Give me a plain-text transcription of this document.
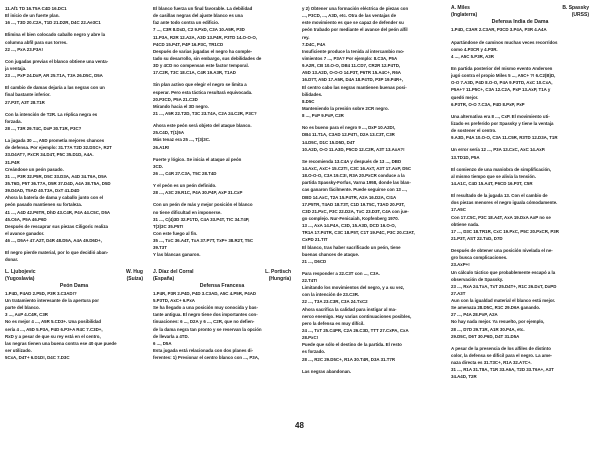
11.Af1 TD 16.T5A C4D 16.DC1
El inicio de un fuerte plan.
16 ..., T3D 20.C2A, T1D 21.D2R, D4C 22.Ae3C1
Elimina el bien colocado caballo negro y abre la
columna abfil para sus torres.
22 ..., PxA 23.P3A!
Con jugadas previas el blanco obtiene una venta-
ja ventaja.
23 ..., PxP 24.DxP, AR 25.T1A, T3A 26.D5C, D5A
El cambio de damas dejaría a las negras con un
final bastante inferior.
27.P3T, A3T 28.T1R
Con la intención de T2R. La réplica negra es
forzada.
28 ..., T3R 29.T4C, DxP 30.T1R, P3C?
La jugada 30 ..., A5D prometía mejores chances
de defensa. Por ejemplo: 31.T7A T2D 32.DSC+, R2T
33.D4AT?, PxCR 34.D4T, P5C 35.D1D, A4A.
31.P4R
Creándose un peón pasado.
31 ..., P3R 32.P5R, D5C 33.D3A, A4D 34.T6A, D5A
35.T6D, P5T 36.T7A, D5R 37.D4D, A4A 38.T5A, D5D
39.D4AD, T5AD 40.T3A, DxT 41.D4D
Ahora la batería de dama y caballo junto con el
peón pasado mantienen su fortaleza.
41 ..., A4D 42.P6TR, DhD 43.C4R, P4A 44.C5C, D5A
45.C6A, P5A 46.P6D
Después de rescaprar sus piezas Ciligoric realiza
el avance ganador.
46 ..., D5A+ 47.A2T, D4R 48.D5A, A4A 49.D6D+,
El negro pierde material, por lo que decidió aban-
donar.
L. Ljubojevic	W. Hug
(Yugoslavia)	(Suiza)
Peón Dama
1.P4D, P4AD 2.P5D, P3R 3.C3AD!?
Un tratamiento interesante de la apertura por
parte del blanco.
3 ..., AxP 4.C4R, C3R
No es mejor 4 ..., A5R 5.CD3+. Una posibilidad
sería 4 ..., A5D 5.P3A, P4D 6.P3+A R4C 7.C3D+,
RxD y a pesar de que su rey está en el centro,
las negras tienen una buena contra ese 40 que puede
ser utilizado.
5CxA, D4T+ 6.D1D!, D4C 7.D3C
El blanco fuerza un final favorable. La debilidad
de casillas negras del ajuste blanco es una
faz ante todo contra un edificio.
7 ..., C3R 8.DxD, C2 9.PxD, C3A 10.A5R, P3D
11.P3A, R2R 12.A2A, A3D 13.P4R, P3TD 14.O-O-O,
P4CD 15.P4T, P4P 16.P3C, TR1CD
Después de varias jugadas el negro ha comple-
tado su desarrollo, sin embargo, sus debilidades de
3D y 4CD no compensan este factor temporal.
17.C2R, T3C 18.C1A, C4R 19.A3R, T1AD
Sin plan activo que elegir el negro se limita a
esperar. Pero esta táctica resultará equivocada.
20.P3CD, P5A 21.C3D
Mirando hacia el 3D negro.
21 ..., A5R 22.T2D, T3C 23.T4A, C2A 24.C2R, P3C?
Ahora este peón será objeto del ataque blanco.
25.C4D, T(1)5A
Más tenaz era 25 ..., T(3)3C.
26.A1R!
Fuerte y lógico. Se inicia el ataque al peón
3CD.
26 ..., C4R 27.C3A, T5C 28.T4D
Y el peón es un peón definido.
28 ..., A3C 29.R1C, P4A 30.P4P, AxP 31.CxP
Con un peón de más y mejor posición el blanco
no tiene dificultad en imponerse.
31 ..., C(4)3D 32.P1TD, C4A 33.P4T, TIC 34.T4P,
T(3)3C 35.P5T!
Con este fuego al fin.
35 ..., TxC 36.A4T, TxA 37.P7T, TxP+ 38.R2T, T5C
39.T3T
Y las blancas ganaron.
J. Díaz del Corral	L. Portisch
(España)	(Hungría)
Defensa Francesa
1.P4R, P3R 2.P4D, P4D 3.C3AD, A5C 4.P5R, P4AD
5.P3TD, AxC+ 6.PxA
Se ha llegado a una posición muy conocida y bas-
tante antigua. El negro tiene dos importantes con-
tinuaciones: 6 ..., D2A y 6 ..., C2R, que no defien-
de la dama negra tan pronto y se reservan la opción
de llevarla a 4TD.
6 ..., D5A
Esta jugada está relacionada con dos planes di-
ferentes: 1) Presionar el centro blanco con ..., P3A,
y 2) Obtener una formación eléctrica de piezas con
..., P3CD, ..., A3D, etc. Otra de las ventajas de
este movimiento es que se capaz de defender su
peón trabado por mediante el avance del peón alfil
rey.
7.D4C, P4A
Insuficiente produce la tenida al intercambio mo-
vimientos 7 ..., P3A? Por ejemplo: 8.C3A, P5A
9.A2R, CB 10.O-O, DB4 11.CD7, CR2R 12.P4TD,
A5D 13.A2D, O-O-O 14.P3T, P6TR 15.A4C+, R6A
16.D7T, A5D 17.A5R, D4A 18.P4TD, P3P 19.P4R+,
El centro cabo las negras mantienen buenas posi-
bilidades.
8.D5C
Manteniendo la presión sobre 2CR negro.
8 ..., PxP 9.PxP, C2R
No es bueno para el negro 9 ..., DxP 10.A2D!,
DB4 11.T1A, C3AD 12.P4T!, D2A 13.C3T, C3R
14.D5C, D1C 15.D5D, D4T
10.A2D, O-O 11.A3D, P5CD 12.C2R, A3T 13.AxA?!
Se recomienda 13.C4A y después de 13 ..., DBD
14.AxC, AxC+ 15.C2T!, C3C 16.AxT, A3T 17.AxP, D5C
18.O-O-O, C3A 19.C3!, R3A 20.PxCR conduce a la
partida Spassky-Forfus, Varna 1958, donde las blan-
cas ganaron fácilmente. Puede seguirse con 13 ...,
DBD 14.AxC, T2A 15.P4TR, A2A 16.D2A, CI1A
17.P5TR, T4AD 18.T3T, C1D 19.T5C, T3AD 20.P3T,
C3D 21.PxC, P3C 22.D2A, TxC 23.D3T, C4A con jue-
go complejo. Nur-Fenicaiah, Kopfenberg 1970.
13 ..., AxA 14.P4A, C3D, 15.A3D, DCD 16.O-O,
TR1A 17.P4TR, C3C 18.P5T, C1T 19.P4C, P3C 20.C3AT,
CxPD 21.TIT
El blanco, tras haber sacrificado un peón, tiene
buenas chances de ataque.
21 ..., D6CD
Para responder a 22.C3T con ..., C3A.
22.T4T!
Limitando los movimientos del negro, y a su vez,
con la intención de 23.C3R.
22 ..., T3A 23.C3R, C3A 24.TxC2
Ahora sacrifica la calidad para instigar al ma-
nerco enemigo. Hay varias continuaciones posibles,
pero la defensa es muy difícil.
24 ..., TxT 25.C4PR, C2A 26.C3D, TTT 27.CxPA, CxA
28.PxC!
Puede que sólo el destino de la partida. El resto
es forzado.
28 ..., R2C 29.D5C+, R1A 30.T4R, D3A 31.T7R
Las negras abandonan.
A. Miles	B. Spassky
(Inglaterra)	(URSS)
Defensa India de Dama
1.P4D, C3AR 2.C3AR, P3CD 3.P4A, P3R 4.A4A
Apartándose de caminos muchas veces recorridos
como 4.P3CR y 4.P3R.
4 ..., A5C 5.P3R, A3R
En partida posterior del mismo evento Andersen
jugó contra el propio Miles 5 ..., A5C+ ?! 6.C2(B)D,
O-O 7.A3D, P4D 8.O-O, P4A 9.P3TD, AxC 10.CxA,
P5A+? 11.P5C+, C3A 12.C2A, PxP 13.AxP, T1A y
quedó mejor.
6.P3TR, O-O 7.C3A, P4D 8.PxP, PxP
Una alternativa era 8 ..., CxP. El movimiento uti-
lizado es preferido por Spassky y tiene la ventaja
de sostener el centro.
9.A3D, P4A 10.O-O, C3A 11.C5R, R3TD 12.D3A, T1R
Un error sería 12 ..., P3A 13.CxC, AxC 14.AxP.
13.TD1D, P5A
El comienzo de una maniobra de simplificación,
al mismo tiempo que se alivia la tensión.
14.A1C, C4D 15.A4T, P6CD 16.P3T, C5R
El resultado de la jugada 13. Con el cambio de
dos piezas menores el negro iguala cómodamente.
17.A5C
Con 17.C5C, P3C 18.A4T, AxA 19.DxA AxP no se
obtiene nada.
17 ..., D3C 18.TR1R, CxC 19.PxC, P5C 20.PxCR, P3R
21.P3T, AST 22.TxD, D7D
Después de obtener una posición nivelada el ne-
gro busca complicaciones.
23.AxP+!
Un cálculo táctico que probablemente escapó a la
observación de Spassky.
23 ..., RxA 24.TxA, TxT 25.D4T+, R1C 26.DxT, DxPD
27.A3T
Aun con la igualdad material el blanco está mejor.
Se amenaza 28.D5C, R1C 29.D6A ganando.
27 ..., P4A 28.PxP, A2A
No hay nada mejor. Ya resuelto, por ejemplo,
28 ..., D7D 29.T1R, A1R 30.P4A, etc.
29.D5C, D6T 30.P6D, D4T 31.D5A
A pesar de la presencia de los alfiles de distinto
color, la defensa se dificil para el negro. La ame-
naza directa es 31.T3C+, R1A 32.A7C+.
31 ..., R1A 31.T8A, T1R 33.A6A, T2D 33.T6A+, A3T
34.A4D, T2R
48
